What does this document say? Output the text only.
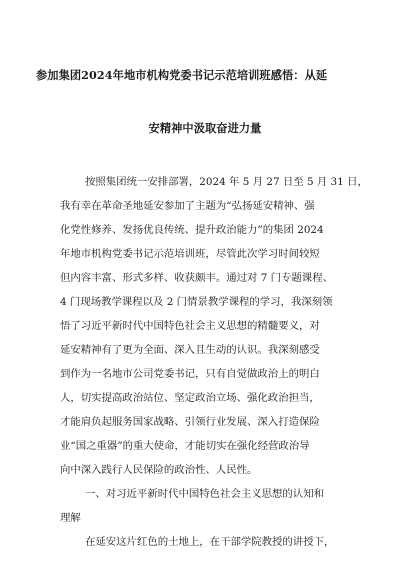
参加集团2024年地市机构党委书记示范培训班感悟：从延
安精神中汲取奋进力量
按照集团统一安排部署，2024 年 5 月 27 日至 5 月 31 日，
我有幸在革命圣地延安参加了主题为“弘扬延安精神、强
化党性修养、发扬优良传统、提升政治能力”的集团 2024
年地市机构党委书记示范培训班，尽管此次学习时间较短
但内容丰富、形式多样、收获颇丰。通过对 7 门专题课程、
4 门现场教学课程以及 2 门情景教学课程的学习，我深刻领
悟了习近平新时代中国特色社会主义思想的精髓要义，对
延安精神有了更为全面、深入且生动的认识。我深刻感受
到作为一名地市公司党委书记，只有自觉做政治上的明白
人，切实提高政治站位、坚定政治立场、强化政治担当，
才能肩负起服务国家战略、引领行业发展、深入打造保险
业“国之重器”的重大使命，才能切实在强化经营政治导
向中深入践行人民保险的政治性、人民性。
一、对习近平新时代中国特色社会主义思想的认知和
理解
在延安这片红色的土地上，在干部学院教授的讲授下，
